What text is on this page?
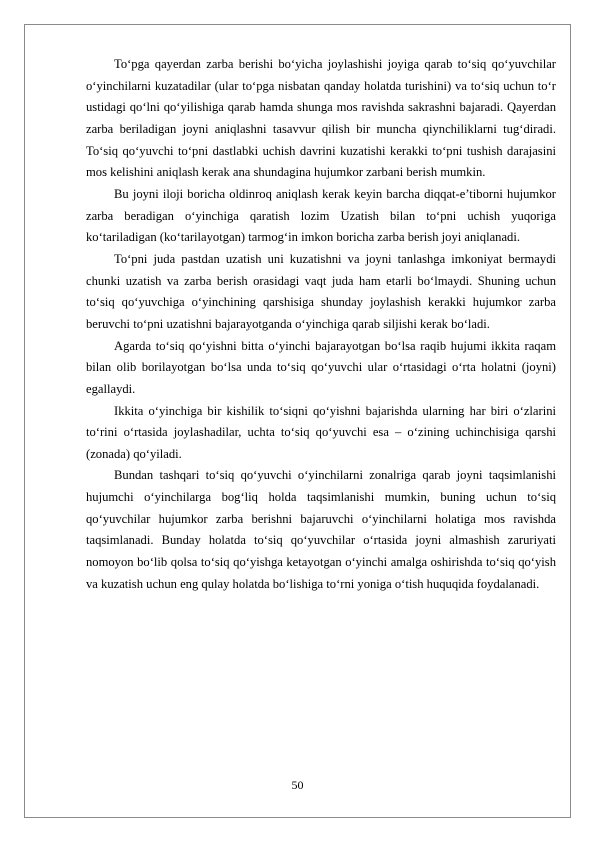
To‘pga qayerdan zarba berishi bo‘yicha joylashishi joyiga qarab to‘siq qo‘yuvchilar o‘yinchilarni kuzatadilar (ular to‘pga nisbatan qanday holatda turishini) va to‘siq uchun to‘r ustidagi qo‘lni qo‘yilishiga qarab hamda shunga mos ravishda sakrashni bajaradi. Qayerdan zarba beriladigan joyni aniqlashni tasavvur qilish bir muncha qiynchiliklarni tug‘diradi. To‘siq qo‘yuvchi to‘pni dastlabki uchish davrini kuzatishi kerakki to‘pni tushish darajasini mos kelishini aniqlash kerak ana shundagina hujumkor zarbani berish mumkin.

Bu joyni iloji boricha oldinroq aniqlash kerak keyin barcha diqqat-e’tiborni hujumkor zarba beradigan o‘yinchiga qaratish lozim Uzatish bilan to‘pni uchish yuqoriga ko‘tariladigan (ko‘tarilayotgan) tarmog‘in imkon boricha zarba berish joyi aniqlanadi.

To‘pni juda pastdan uzatish uni kuzatishni va joyni tanlashga imkoniyat bermaydi chunki uzatish va zarba berish orasidagi vaqt juda ham etarli bo‘lmaydi. Shuning uchun to‘siq qo‘yuvchiga o‘yinchining qarshisiga shunday joylashish kerakki hujumkor zarba beruvchi to‘pni uzatishni bajarayotganda o‘yinchiga qarab siljishi kerak bo‘ladi.

Agarda to‘siq qo‘yishni bitta o‘yinchi bajarayotgan bo‘lsa raqib hujumi ikkita raqam bilan olib borilayotgan bo‘lsa unda to‘siq qo‘yuvchi ular o‘rtasidagi o‘rta holatni (joyni) egallaydi.

Ikkita o‘yinchiga bir kishilik to‘siqni qo‘yishni bajarishda ularning har biri o‘zlarini to‘rini o‘rtasida joylashadilar, uchta to‘siq qo‘yuvchi esa – o‘zining uchinchisiga qarshi (zonada) qo‘yiladi.

Bundan tashqari to‘siq qo‘yuvchi o‘yinchilarni zonalriga qarab joyni taqsimlanishi hujumchi o‘yinchilarga bog‘liq holda taqsimlanishi mumkin, buning uchun to‘siq qo‘yuvchilar hujumkor zarba berishni bajaruvchi o‘yinchilarni holatiga mos ravishda taqsimlanadi. Bunday holatda to‘siq qo‘yuvchilar o‘rtasida joyni almashish zaruriyati nomoyon bo‘lib qolsa to‘siq qo‘yishga ketayotgan o‘yinchi amalga oshirishda to‘siq qo‘yish va kuzatish uchun eng qulay holatda bo‘lishiga to‘rni yoniga o‘tish huquqida foydalanadi.

50
